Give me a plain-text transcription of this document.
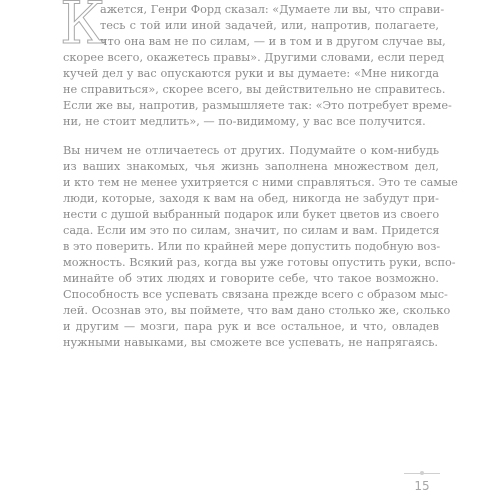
К
ажется, Генри Форд сказал: «Думаете ли вы, что справи-
тесь с той или иной задачей, или, напротив, полагаете,
что она вам не по силам, — и в том и в другом случае вы,
скорее всего, окажетесь правы». Другими словами, если перед
кучей дел у вас опускаются руки и вы думаете: «Мне никогда
не справиться», скорее всего, вы действительно не справитесь.
Если же вы, напротив, размышляете так: «Это потребует време-
ни, не стоит медлить», — по-видимому, у вас все получится.
Вы ничем не отличаетесь от других. Подумайте о ком-нибудь
из ваших знакомых, чья жизнь заполнена множеством дел,
и кто тем не менее ухитряется с ними справляться. Это те самые
люди, которые, заходя к вам на обед, никогда не забудут при-
нести с душой выбранный подарок или букет цветов из своего
сада. Если им это по силам, значит, по силам и вам. Придется
в это поверить. Или по крайней мере допустить подобную воз-
можность. Всякий раз, когда вы уже готовы опустить руки, вспо-
минайте об этих людях и говорите себе, что такое возможно.
Способность все успевать связана прежде всего с образом мыс-
лей. Осознав это, вы поймете, что вам дано столько же, сколько
и другим — мозги, пара рук и все остальное, и что, овладев
нужными навыками, вы сможете все успевать, не напрягаясь.
15
